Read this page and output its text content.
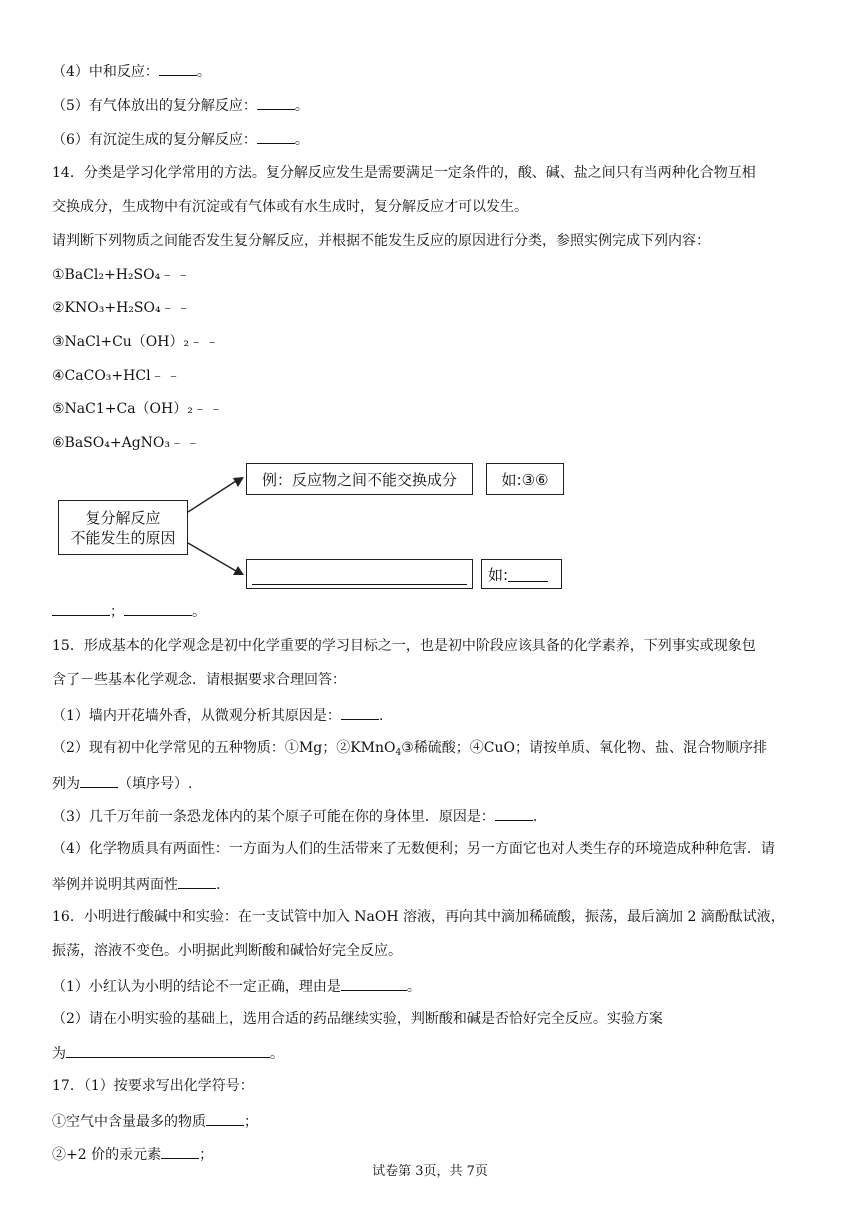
（4）中和反应：	。
（5）有气体放出的复分解反应：	。
（6）有沉淀生成的复分解反应：	。
14．分类是学习化学常用的方法。复分解反应发生是需要满足一定条件的，酸、碱、盐之间只有当两种化合物互相
交换成分，生成物中有沉淀或有气体或有水生成时，复分解反应才可以发生。
请判断下列物质之间能否发生复分解反应，并根据不能发生反应的原因进行分类，参照实例完成下列内容：
①BaCl₂+H₂SO₄﹣﹣
②KNO₃+H₂SO₄﹣﹣
③NaCl+Cu（OH）₂﹣﹣
④CaCO₃+HCl﹣﹣
⑤NaC1+Ca（OH）₂﹣﹣
⑥BaSO₄+AgNO₃﹣﹣
复分解反应
不能发生的原因
例：反应物之间不能交换成分	如:③⑥
如:
；	。
15．形成基本的化学观念是初中化学重要的学习目标之一，也是初中阶段应该具备的化学素养，下列事实或现象包
含了－些基本化学观念．请根据要求合理回答：
（1）墙内开花墙外香，从微观分析其原因是：	.
（2）现有初中化学常见的五种物质：①Mg；②KMnO$_4$③稀硫酸；④CuO；请按单质、氧化物、盐、混合物顺序排
列为	（填序号）.
（3）几千万年前一条恐龙体内的某个原子可能在你的身体里．原因是：	.
（4）化学物质具有两面性：一方面为人们的生活带来了无数便利；另一方面它也对人类生存的环境造成种种危害．请
举例并说明其两面性	.
16．小明进行酸碱中和实验：在一支试管中加入 NaOH 溶液，再向其中滴加稀硫酸，振荡，最后滴加 2 滴酚酞试液，
振荡，溶液不变色。小明据此判断酸和碱恰好完全反应。
（1）小红认为小明的结论不一定正确，理由是	。
（2）请在小明实验的基础上，选用合适的药品继续实验，判断酸和碱是否恰好完全反应。实验方案
为	。
17．（1）按要求写出化学符号：
①空气中含量最多的物质	；
②+2 价的汞元素	；
试卷第 3页，共 7页
